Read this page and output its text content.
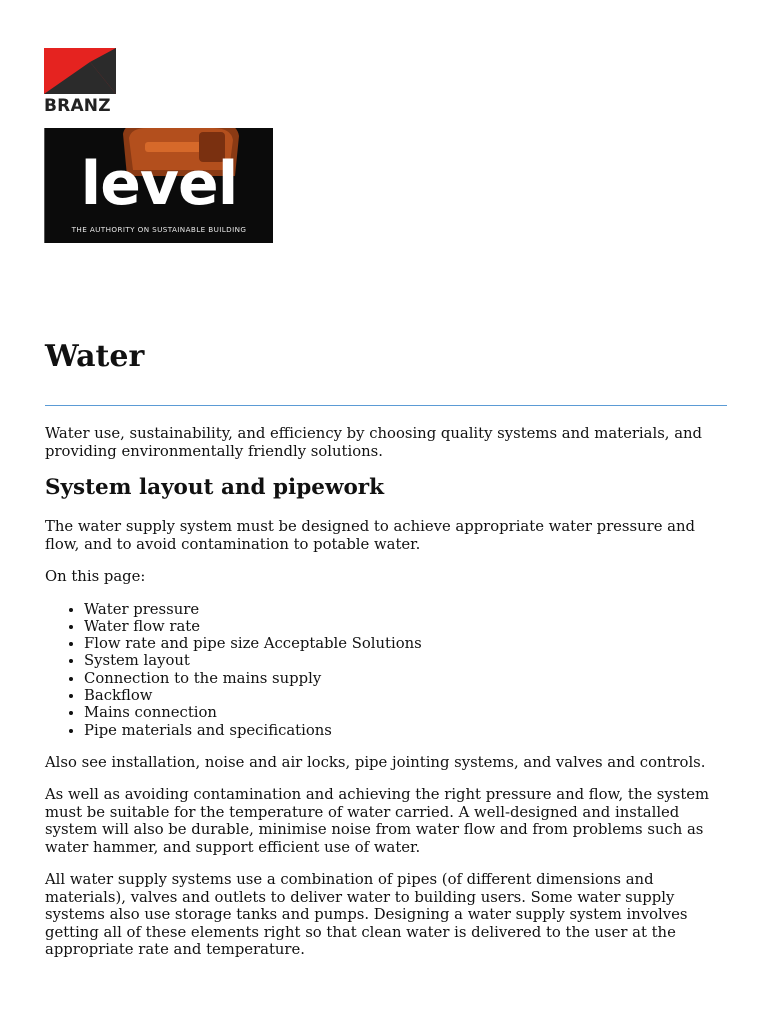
BRANZ
level
THE AUTHORITY ON SUSTAINABLE BUILDING
Water

Water use, sustainability, and efficiency by choosing quality systems and materials, and providing environmentally friendly solutions.

System layout and pipework

The water supply system must be designed to achieve appropriate water pressure and flow, and to avoid contamination to potable water.

On this page:

• Water pressure
• Water flow rate
• Flow rate and pipe size Acceptable Solutions
• System layout
• Connection to the mains supply
• Backflow
• Mains connection
• Pipe materials and specifications

Also see installation, noise and air locks, pipe jointing systems, and valves and controls.

As well as avoiding contamination and achieving the right pressure and flow, the system must be suitable for the temperature of water carried. A well-designed and installed system will also be durable, minimise noise from water flow and from problems such as water hammer, and support efficient use of water.

All water supply systems use a combination of pipes (of different dimensions and materials), valves and outlets to deliver water to building users. Some water supply systems also use storage tanks and pumps. Designing a water supply system involves getting all of these elements right so that clean water is delivered to the user at the appropriate rate and temperature.
